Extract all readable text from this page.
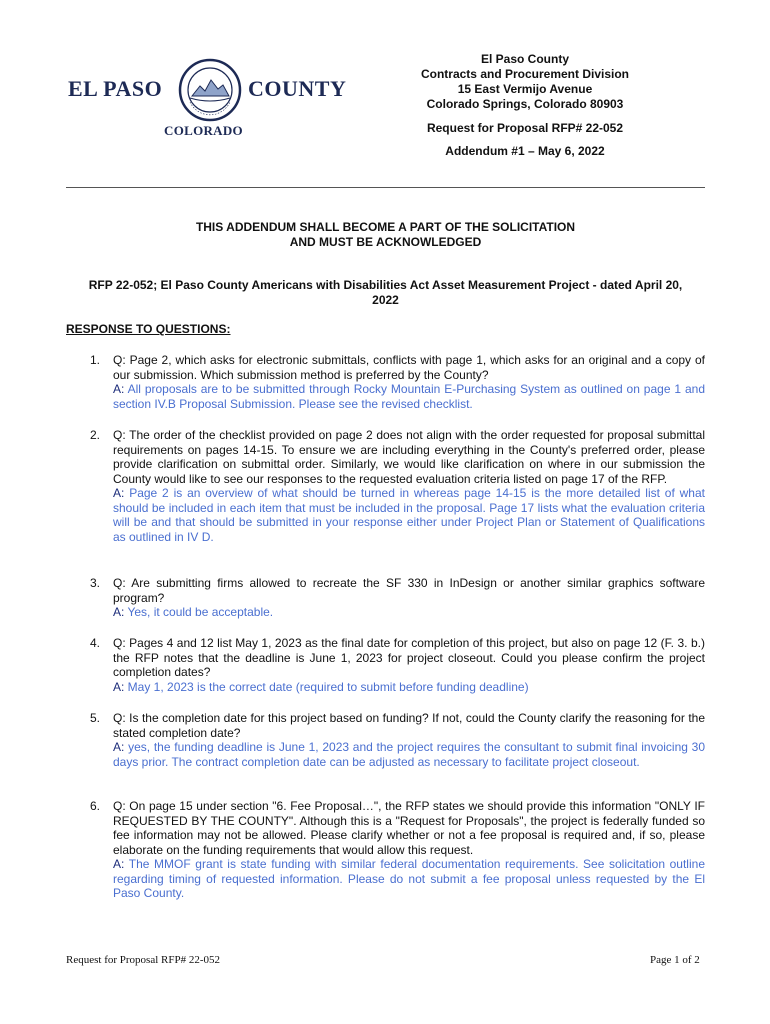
EL PASO	COUNTY
COLORADO
El Paso County
Contracts and Procurement Division
15 East Vermijo Avenue
Colorado Springs, Colorado 80903
Request for Proposal RFP# 22-052
Addendum #1 – May 6, 2022
THIS ADDENDUM SHALL BECOME A PART OF THE SOLICITATION
AND MUST BE ACKNOWLEDGED
RFP 22-052; El Paso County Americans with Disabilities Act Asset Measurement Project - dated April 20,
2022
RESPONSE TO QUESTIONS:
1. Q: Page 2, which asks for electronic submittals, conflicts with page 1, which asks for an original and a copy of our submission. Which submission method is preferred by the County?
A: All proposals are to be submitted through Rocky Mountain E-Purchasing System as outlined on page 1 and section IV.B Proposal Submission. Please see the revised checklist.
2. Q: The order of the checklist provided on page 2 does not align with the order requested for proposal submittal requirements on pages 14-15. To ensure we are including everything in the County's preferred order, please provide clarification on submittal order. Similarly, we would like clarification on where in our submission the County would like to see our responses to the requested evaluation criteria listed on page 17 of the RFP.
A: Page 2 is an overview of what should be turned in whereas page 14-15 is the more detailed list of what should be included in each item that must be included in the proposal. Page 17 lists what the evaluation criteria will be and that should be submitted in your response either under Project Plan or Statement of Qualifications as outlined in IV D.
3. Q: Are submitting firms allowed to recreate the SF 330 in InDesign or another similar graphics software program?
A: Yes, it could be acceptable.
4. Q: Pages 4 and 12 list May 1, 2023 as the final date for completion of this project, but also on page 12 (F. 3. b.) the RFP notes that the deadline is June 1, 2023 for project closeout. Could you please confirm the project completion dates?
A: May 1, 2023 is the correct date (required to submit before funding deadline)
5. Q: Is the completion date for this project based on funding? If not, could the County clarify the reasoning for the stated completion date?
A: yes, the funding deadline is June 1, 2023 and the project requires the consultant to submit final invoicing 30 days prior. The contract completion date can be adjusted as necessary to facilitate project closeout.
6. Q: On page 15 under section "6. Fee Proposal…", the RFP states we should provide this information "ONLY IF REQUESTED BY THE COUNTY". Although this is a "Request for Proposals", the project is federally funded so fee information may not be allowed. Please clarify whether or not a fee proposal is required and, if so, please elaborate on the funding requirements that would allow this request.
A: The MMOF grant is state funding with similar federal documentation requirements. See solicitation outline regarding timing of requested information. Please do not submit a fee proposal unless requested by the El Paso County.
Request for Proposal RFP# 22-052	Page 1 of 2
